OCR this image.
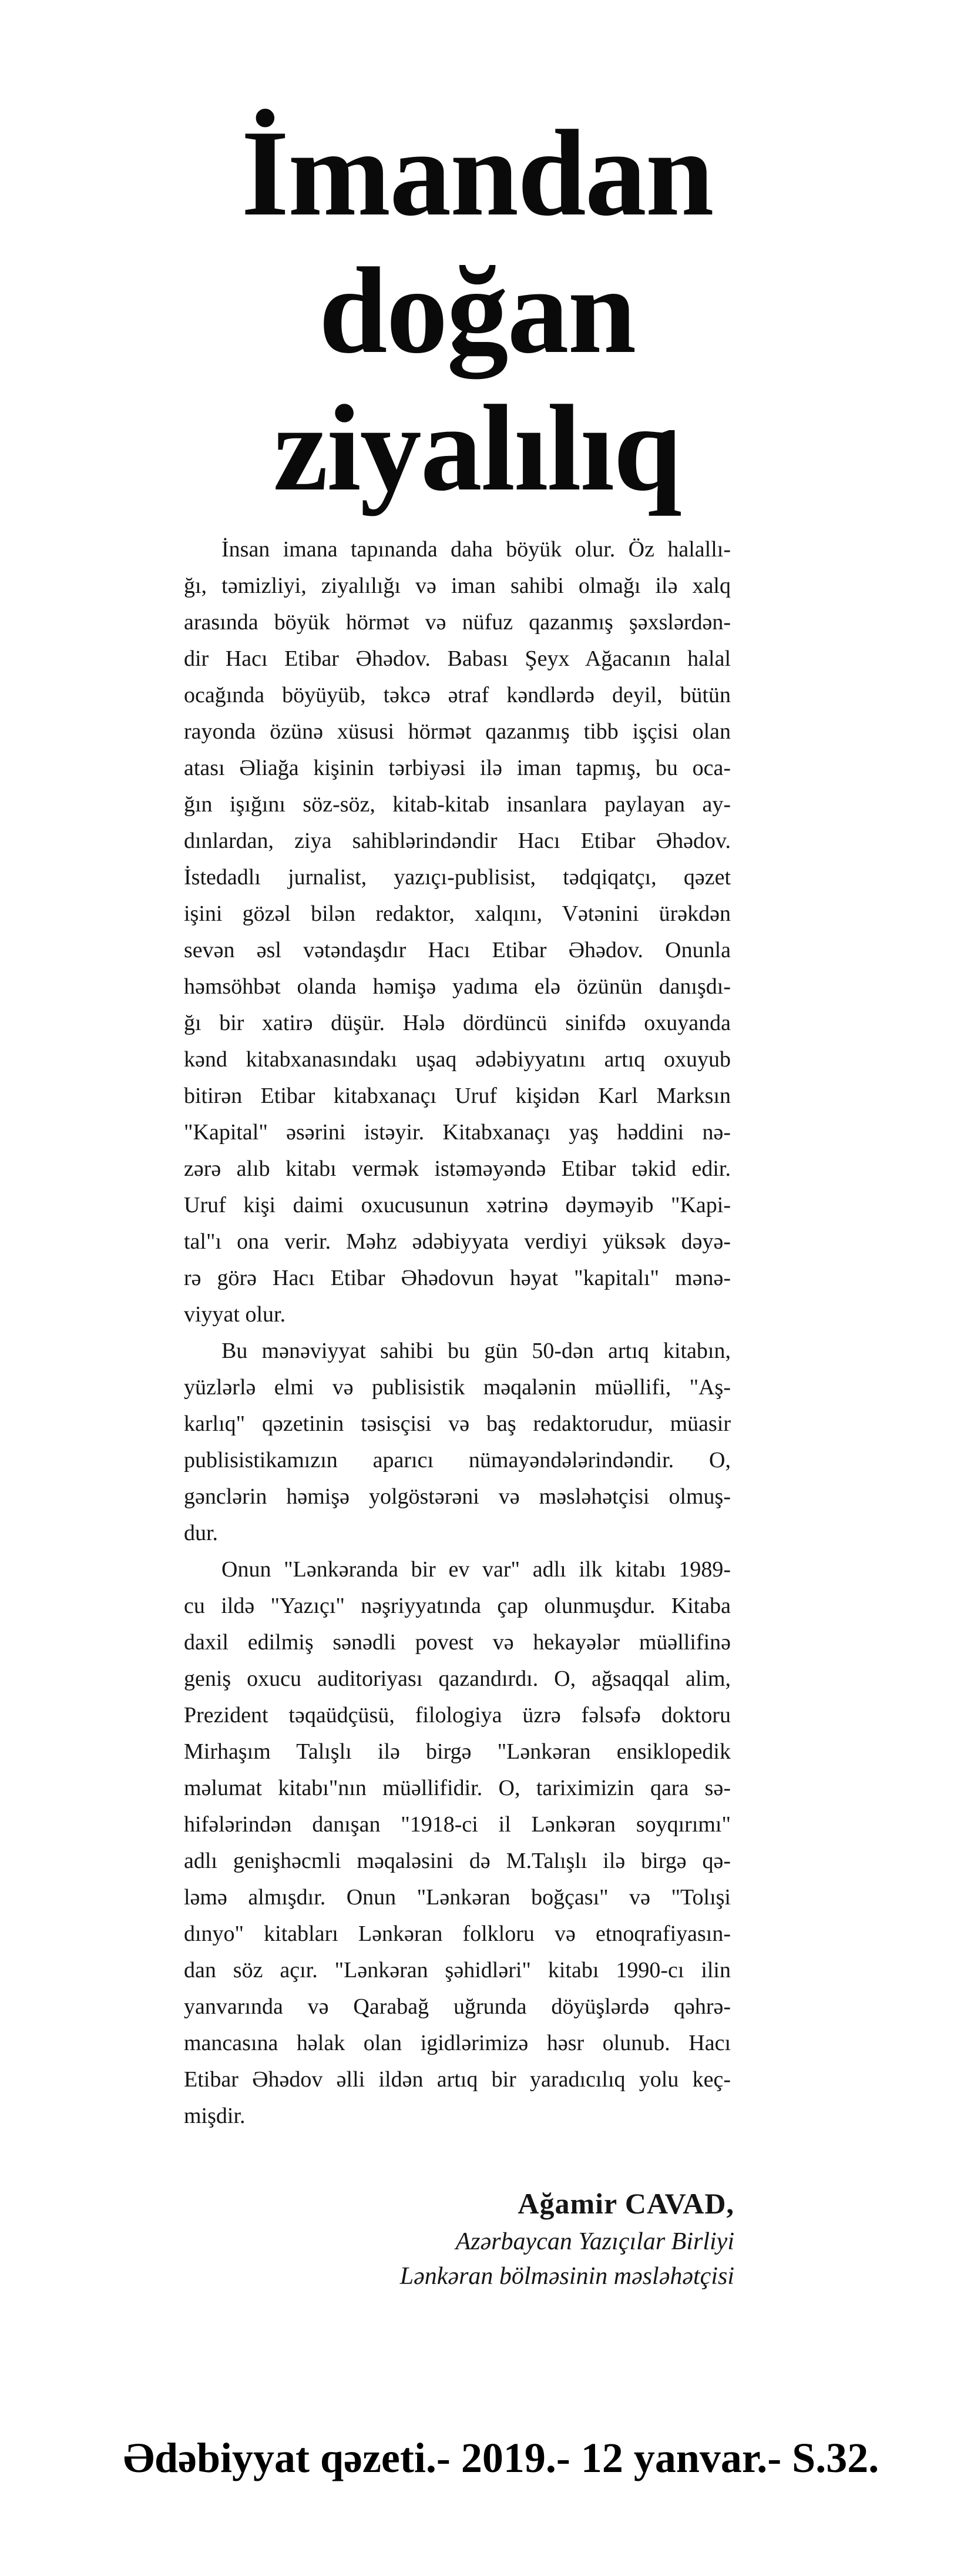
İmandan
doğan
ziyalılıq
İnsan imana tapınanda daha böyük olur. Öz halallı-
ğı, təmizliyi, ziyalılığı və iman sahibi olmağı ilə xalq
arasında böyük hörmət və nüfuz qazanmış şəxslərdən-
dir Hacı Etibar Əhədov. Babası Şeyx Ağacanın halal
ocağında böyüyüb, təkcə ətraf kəndlərdə deyil, bütün
rayonda özünə xüsusi hörmət qazanmış tibb işçisi olan
atası Əliağa kişinin tərbiyəsi ilə iman tapmış, bu oca-
ğın işığını söz-söz, kitab-kitab insanlara paylayan ay-
dınlardan, ziya sahiblərindəndir Hacı Etibar Əhədov.
İstedadlı jurnalist, yazıçı-publisist, tədqiqatçı, qəzet
işini gözəl bilən redaktor, xalqını, Vətənini ürəkdən
sevən əsl vətəndaşdır Hacı Etibar Əhədov. Onunla
həmsöhbət olanda həmişə yadıma elə özünün danışdı-
ğı bir xatirə düşür. Hələ dördüncü sinifdə oxuyanda
kənd kitabxanasındakı uşaq ədəbiyyatını artıq oxuyub
bitirən Etibar kitabxanaçı Uruf kişidən Karl Marksın
"Kapital" əsərini istəyir. Kitabxanaçı yaş həddini nə-
zərə alıb kitabı vermək istəməyəndə Etibar təkid edir.
Uruf kişi daimi oxucusunun xətrinə dəyməyib "Kapi-
tal"ı ona verir. Məhz ədəbiyyata verdiyi yüksək dəyə-
rə görə Hacı Etibar Əhədovun həyat "kapitalı" mənə-
viyyat olur.
Bu mənəviyyat sahibi bu gün 50-dən artıq kitabın,
yüzlərlə elmi və publisistik məqalənin müəllifi, "Aş-
karlıq" qəzetinin təsisçisi və baş redaktorudur, müasir
publisistikamızın aparıcı nümayəndələrindəndir. O,
gənclərin həmişə yolgöstərəni və məsləhətçisi olmuş-
dur.
Onun "Lənkəranda bir ev var" adlı ilk kitabı 1989-
cu ildə "Yazıçı" nəşriyyatında çap olunmuşdur. Kitaba
daxil edilmiş sənədli povest və hekayələr müəllifinə
geniş oxucu auditoriyası qazandırdı. O, ağsaqqal alim,
Prezident təqaüdçüsü, filologiya üzrə fəlsəfə doktoru
Mirhaşım Talışlı ilə birgə "Lənkəran ensiklopedik
məlumat kitabı"nın müəllifidir. O, tariximizin qara sə-
hifələrindən danışan "1918-ci il Lənkəran soyqırımı"
adlı genişhəcmli məqaləsini də M.Talışlı ilə birgə qə-
ləmə almışdır. Onun "Lənkəran boğçası" və "Tolışi
dınyo" kitabları Lənkəran folkloru və etnoqrafiyasın-
dan söz açır. "Lənkəran şəhidləri" kitabı 1990-cı ilin
yanvarında və Qarabağ uğrunda döyüşlərdə qəhrə-
mancasına həlak olan igidlərimizə həsr olunub. Hacı
Etibar Əhədov əlli ildən artıq bir yaradıcılıq yolu keç-
mişdir.
Ağamir CAVAD,
Azərbaycan Yazıçılar Birliyi
Lənkəran bölməsinin məsləhətçisi
Ədəbiyyat qəzeti.- 2019.- 12 yanvar.- S.32.
